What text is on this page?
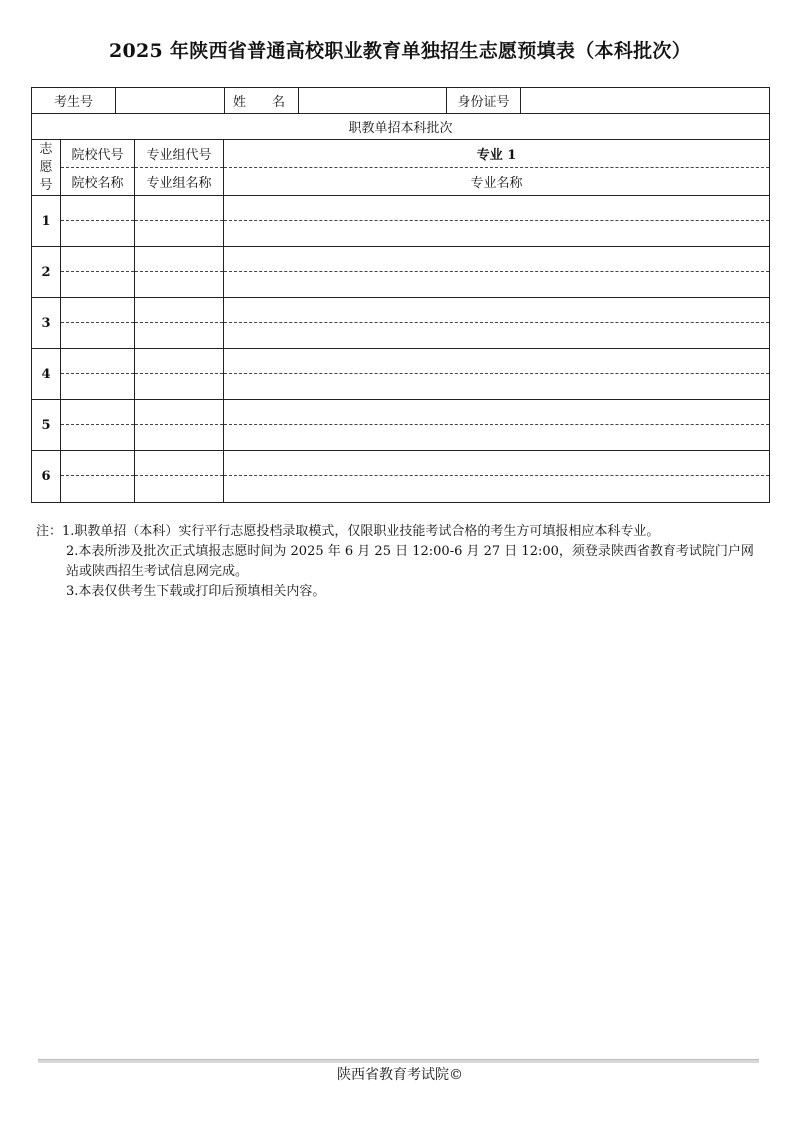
2025 年陕西省普通高校职业教育单独招生志愿预填表（本科批次）
考生号	姓　　名	身份证号
职教单招本科批次
志
愿
号
院校代号
院校名称
专业组代号
专业组名称
专业 1
专业名称
1
2
3
4
5
6

注：1.职教单招（本科）实行平行志愿投档录取模式，仅限职业技能考试合格的考生方可填报相应本科专业。

2.本表所涉及批次正式填报志愿时间为 2025 年 6 月 25 日 12:00-6 月 27 日 12:00，须登录陕西省教育考试院门户网站或陕西招生考试信息网完成。

3.本表仅供考生下载或打印后预填相关内容。

陕西省教育考试院©
